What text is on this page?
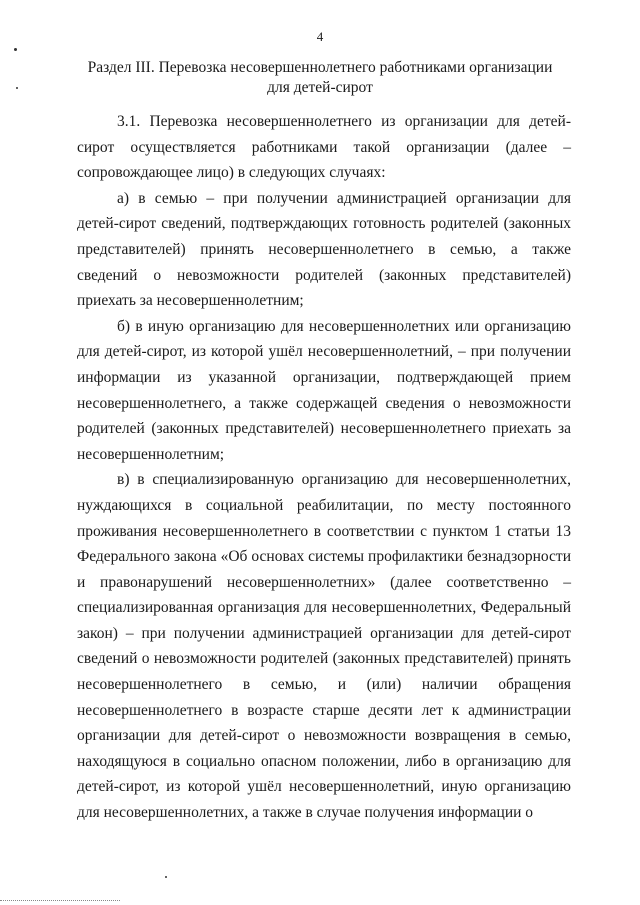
4
Раздел III. Перевозка несовершеннолетнего работниками организации
для детей-сирот

3.1. Перевозка несовершеннолетнего из организации для детей-сирот осуществляется работниками такой организации (далее – сопровождающее лицо) в следующих случаях:

а) в семью – при получении администрацией организации для детей-сирот сведений, подтверждающих готовность родителей (законных представителей) принять несовершеннолетнего в семью, а также сведений о невозможности родителей (законных представителей) приехать за несовершеннолетним;

б) в иную организацию для несовершеннолетних или организацию для детей-сирот, из которой ушёл несовершеннолетний, – при получении информации из указанной организации, подтверждающей прием несовершеннолетнего, а также содержащей сведения о невозможности родителей (законных представителей) несовершеннолетнего приехать за несовершеннолетним;

в) в специализированную организацию для несовершеннолетних, нуждающихся в социальной реабилитации, по месту постоянного проживания несовершеннолетнего в соответствии с пунктом 1 статьи 13 Федерального закона «Об основах системы профилактики безнадзорности и правонарушений несовершеннолетних» (далее соответственно – специализированная организация для несовершеннолетних, Федеральный закон) – при получении администрацией организации для детей-сирот сведений о невозможности родителей (законных представителей) принять несовершеннолетнего в семью, и (или) наличии обращения несовершеннолетнего в возрасте старше десяти лет к администрации организации для детей-сирот о невозможности возвращения в семью, находящуюся в социально опасном положении, либо в организацию для детей-сирот, из которой ушёл несовершеннолетний, иную организацию для несовершеннолетних, а также в случае получения информации о
